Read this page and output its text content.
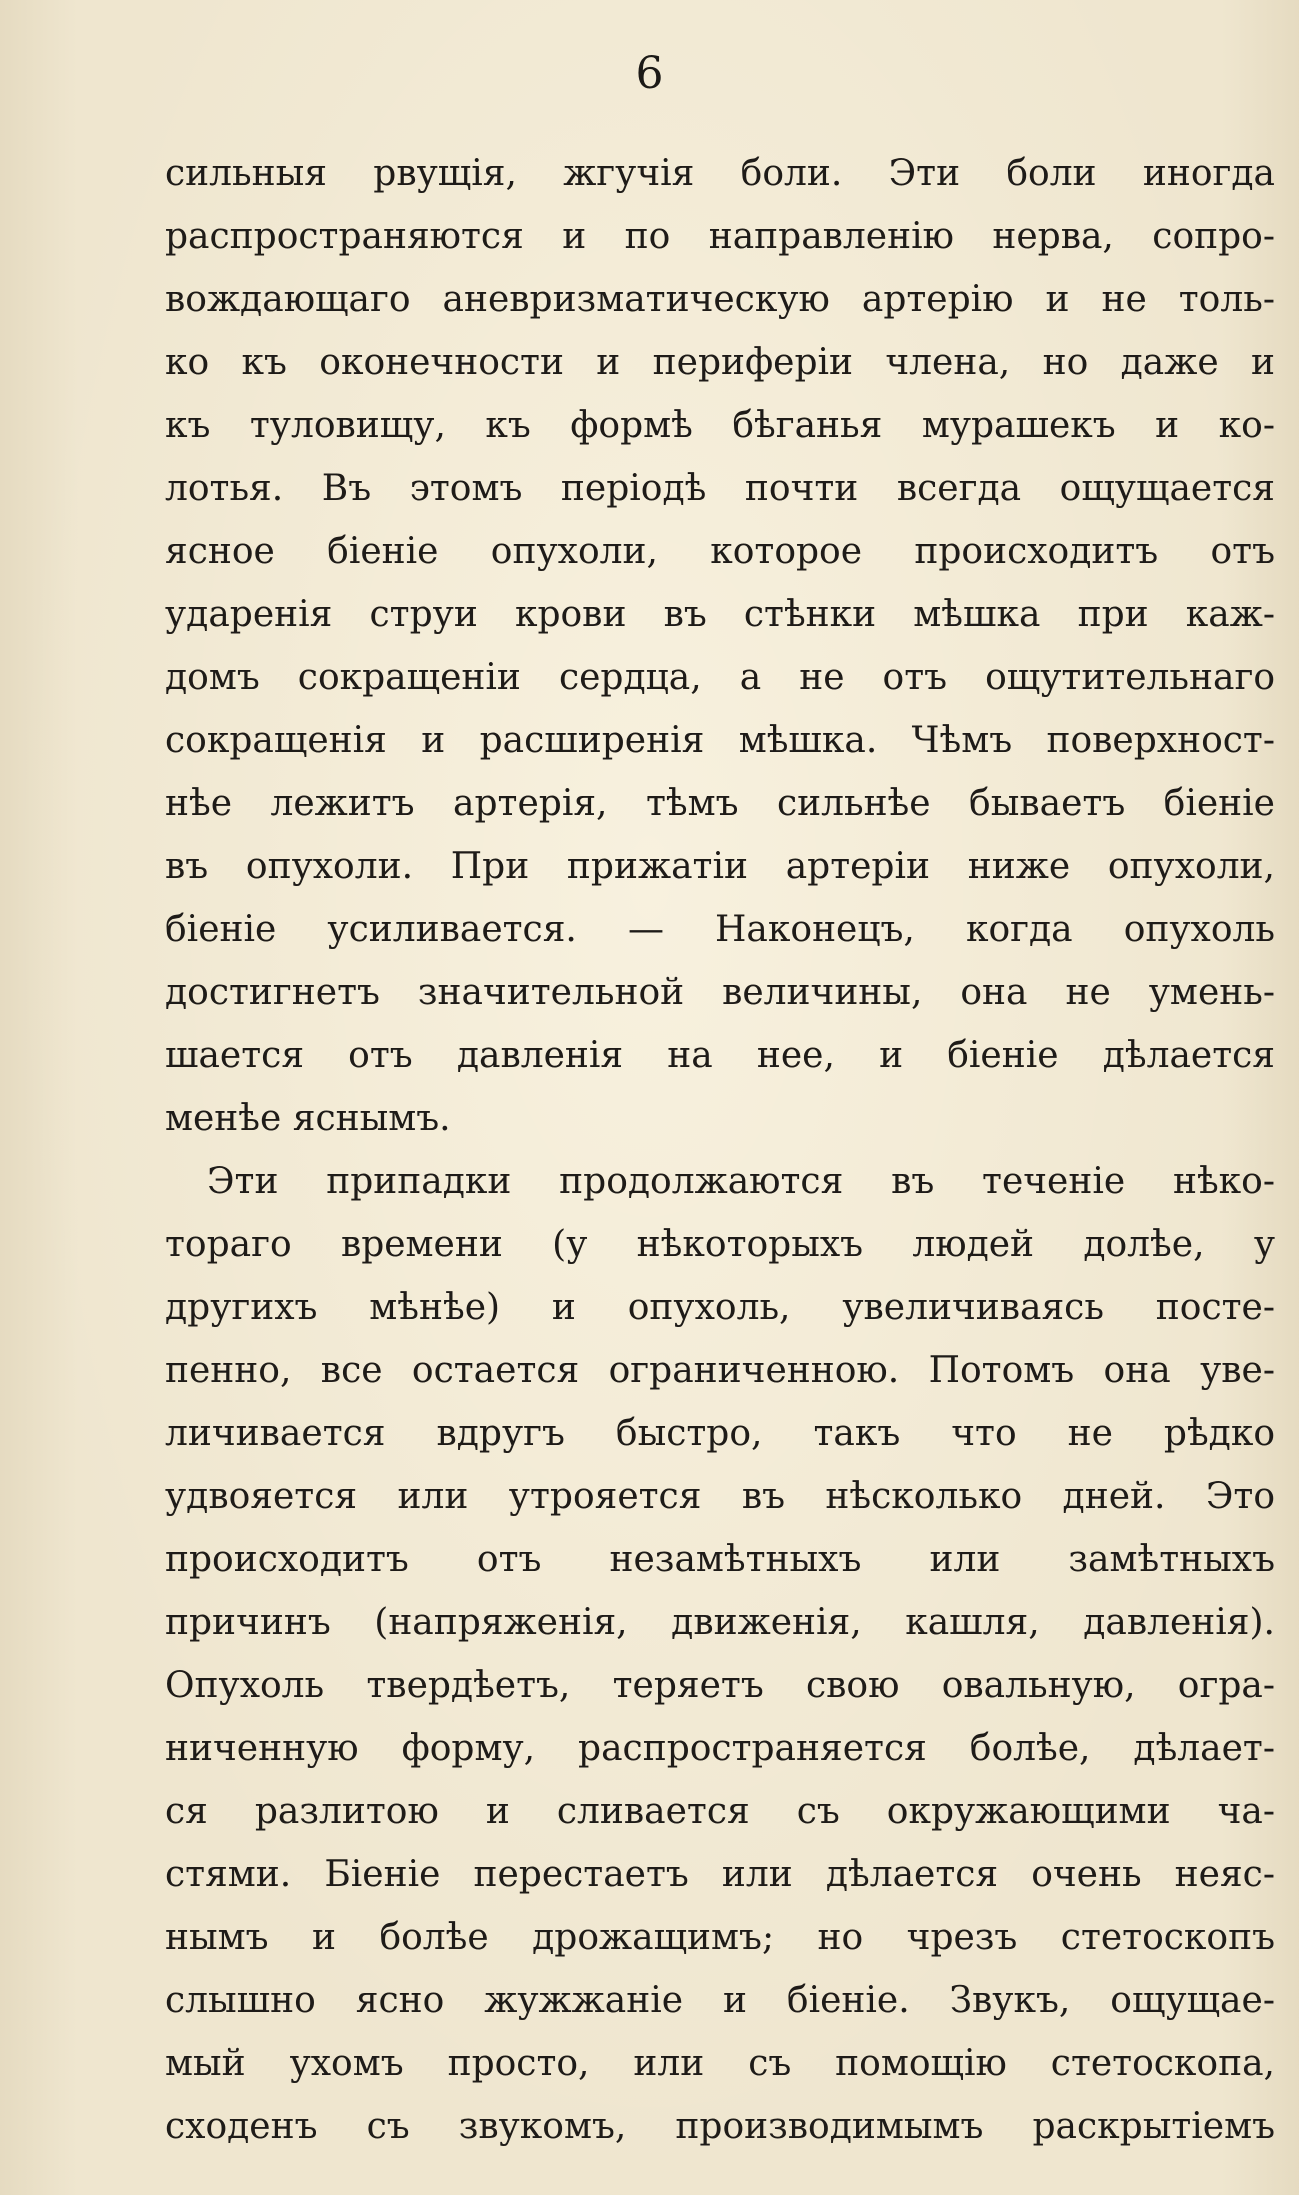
6
сильныя рвущія, жгучія боли. Эти боли иногда
распространяются и по направленію нерва, сопро-
вождающаго аневризматическую артерію и не толь-
ко къ оконечности и периферіи члена, но даже и
къ туловищу, къ формѣ бѣганья мурашекъ и ко-
лотья. Въ этомъ періодѣ почти всегда ощущается
ясное біеніе опухоли, которое происходитъ отъ
ударенія струи крови въ стѣнки мѣшка при каж-
домъ сокращеніи сердца, а не отъ ощутительнаго
сокращенія и расширенія мѣшка. Чѣмъ поверхност-
нѣе лежитъ артерія, тѣмъ сильнѣе бываетъ біеніе
въ опухоли. При прижатіи артеріи ниже опухоли,
біеніе усиливается. — Наконецъ, когда опухоль
достигнетъ значительной величины, она не умень-
шается отъ давленія на нее, и біеніе дѣлается
менѣе яснымъ.
Эти припадки продолжаются въ теченіе нѣко-
тораго времени (у нѣкоторыхъ людей долѣе, у
другихъ мѣнѣе) и опухоль, увеличиваясь посте-
пенно, все остается ограниченною. Потомъ она уве-
личивается вдругъ быстро, такъ что не рѣдко
удвояется или утрояется въ нѣсколько дней. Это
происходитъ отъ незамѣтныхъ или замѣтныхъ
причинъ (напряженія, движенія, кашля, давленія).
Опухоль твердѣетъ, теряетъ свою овальную, огра-
ниченную форму, распространяется болѣе, дѣлает-
ся разлитою и сливается съ окружающими ча-
стями. Біеніе перестаетъ или дѣлается очень неяс-
нымъ и болѣе дрожащимъ; но чрезъ стетоскопъ
слышно ясно жужжаніе и біеніе. Звукъ, ощущае-
мый ухомъ просто, или съ помощію стетоскопа,
сходенъ съ звукомъ, производимымъ раскрытіемъ
